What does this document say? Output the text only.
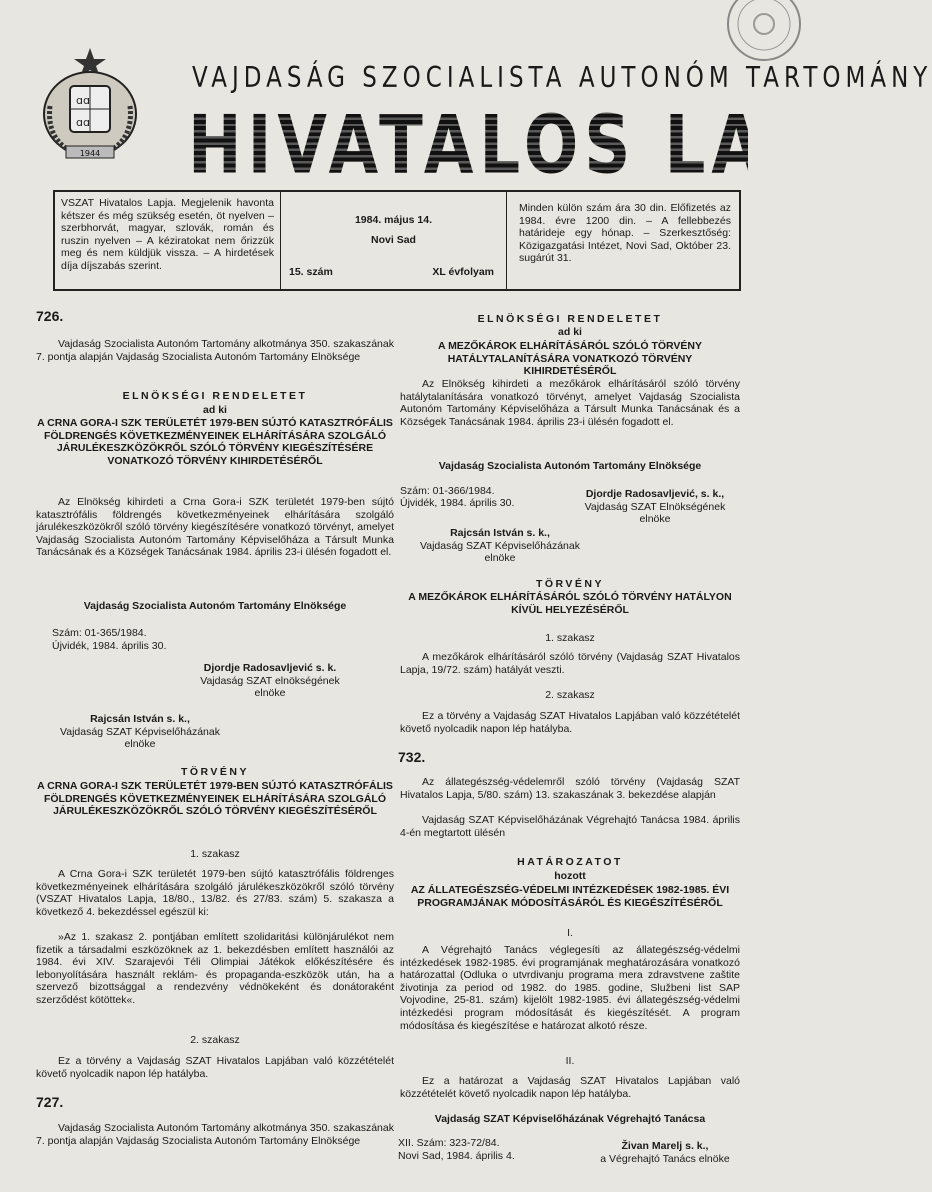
ɑɑ
ɑɑ
1944
VAJDASÁG SZOCIALISTA AUTONÓM TARTOMÁNY
HIVATALOS LAPJA
VSZAT Hivatalos Lapja. Megjelenik havonta kétszer és még szükség esetén, öt nyelven – szerbhorvát, magyar, szlovák, román és ruszin nyelven – A kéziratokat nem őrizzük meg és nem küldjük vissza. – A hirdetések díja díjszabás szerint.
1984. május 14.
Novi Sad
15. szám	XL évfolyam
Minden külön szám ára 30 din. Előfizetés az 1984. évre 1200 din. – A fellebbezés határideje egy hónap. – Szerkesztőség: Közigazgatási Intézet, Novi Sad, Október 23. sugárút 31.
726.
Vajdaság Szocialista Autonóm Tartomány alkotmánya 350. szakaszának 7. pontja alapján Vajdaság Szocialista Autonóm Tartomány Elnöksége
ELNÖKSÉGI RENDELETET
ad ki
A CRNA GORA-I SZK TERÜLETÉT 1979-BEN SÚJTÓ KATASZTRÓFÁLIS FÖLDRENGÉS KÖVETKEZMÉNYEINEK ELHÁRÍTÁSÁRA SZOLGÁLÓ JÁRULÉKESZKÖZÖKRŐL SZÓLÓ TÖRVÉNY KIEGÉSZÍTÉSÉRE VONATKOZÓ TÖRVÉNY KIHIRDETÉSÉRŐL
Az Elnökség kihirdeti a Crna Gora-i SZK területét 1979-ben sújtó katasztrófális földrengés következményeinek elhárítására szolgáló járulékeszközökről szóló törvény kiegészítésére vonatkozó törvényt, amelyet Vajdaság Szocialista Autonóm Tartomány Képviselőháza a Társult Munka Tanácsának és a Községek Tanácsának 1984. április 23-i ülésén fogadott el.
Vajdaság Szocialista Autonóm Tartomány Elnöksége
Szám: 01-365/1984.
Újvidék, 1984. április 30.

Djordje Radosavljević s. k.

Vajdaság SZAT elnökségének

elnöke

Rajcsán István s. k.,

Vajdaság SZAT Képviselőházának

elnöke

TÖRVÉNY
A CRNA GORA-I SZK TERÜLETÉT 1979-BEN SÚJTÓ KATASZTRÓFÁLIS FÖLDRENGÉS KÖVETKEZMÉNYEINEK ELHÁRÍTÁSÁRA SZOLGÁLÓ JÁRULÉKESZKÖZÖKRŐL SZÓLÓ TÖRVÉNY KIEGÉSZÍTÉSÉRŐL
1. szakasz
A Crna Gora-i SZK területét 1979-ben sújtó katasztrófális földrenges következményeinek elhárítására szolgáló járulékeszközökről szóló törvény (VSZAT Hivatalos Lapja, 18/80., 13/82. és 27/83. szám) 5. szakasza a következő 4. bekezdéssel egészül ki:
»Az 1. szakasz 2. pontjában említett szolidaritási különjárulékot nem fizetik a társadalmi eszközöknek az 1. bekezdésben említett használói az 1984. évi XIV. Szarajevói Téli Olimpiai Játékok előkészítésére és lebonyolítására használt reklám- és propaganda-eszközök után, ha a szervező bizottsággal a rendezvény védnökeként és donátoraként szerződést kötöttek«.
2. szakasz
Ez a törvény a Vajdaság SZAT Hivatalos Lapjában való közzétételét követő nyolcadik napon lép hatályba.
727.
Vajdaság Szocialista Autonóm Tartomány alkotmánya 350. szakaszának 7. pontja alapján Vajdaság Szocialista Autonóm Tartomány Elnöksége
ELNÖKSÉGI RENDELETET
ad ki
A MEZŐKÁROK ELHÁRÍTÁSÁRÓL SZÓLÓ TÖRVÉNY HATÁLYTALANÍTÁSÁRA VONATKOZÓ TÖRVÉNY KIHIRDETÉSÉRŐL
Az Elnökség kihirdeti a mezőkárok elhárításáról szóló törvény hatálytalanítására vonatkozó törvényt, amelyet Vajdaság Szocialista Autonóm Tartomány Képviselőháza a Társult Munka Tanácsának és a Községek Tanácsának 1984. április 23-i ülésén fogadott el.
Vajdaság Szocialista Autonóm Tartomány Elnöksége
Szám: 01-366/1984.
Újvidék, 1984. április 30.

Djordje Radosavljević, s. k.,

Vajdaság SZAT Elnökségének

elnöke

Rajcsán István s. k.,

Vajdaság SZAT Képviselőházának

elnöke

TÖRVÉNY
A MEZŐKÁROK ELHÁRÍTÁSÁRÓL SZÓLÓ TÖRVÉNY HATÁLYON KÍVÜL HELYEZÉSÉRŐL
1. szakasz
A mezőkárok elhárításáról szóló törvény (Vajdaság SZAT Hivatalos Lapja, 19/72. szám) hatályát veszti.
2. szakasz
Ez a törvény a Vajdaság SZAT Hivatalos Lapjában való közzétételét követő nyolcadik napon lép hatályba.
732.
Az állategészség-védelemről szóló törvény (Vajdaság SZAT Hivatalos Lapja, 5/80. szám) 13. szakaszának 3. bekezdése alapján
Vajdaság SZAT Képviselőházának Végrehajtó Tanácsa 1984. április 4-én megtartott ülésén
HATÁROZATOT
hozott
AZ ÁLLATEGÉSZSÉG-VÉDELMI INTÉZKEDÉSEK 1982-1985. ÉVI PROGRAMJÁNAK MÓDOSÍTÁSÁRÓL ÉS KIEGÉSZÍTÉSÉRŐL
I.
A Végrehajtó Tanács véglegesíti az állategészség-védelmi intézkedések 1982-1985. évi programjának meghatározására vonatkozó határozattal (Odluka o utvrdivanju programa mera zdravstvene zaštite životinja za period od 1982. do 1985. godine, Službeni list SAP Vojvodine, 25-81. szám) kijelölt 1982-1985. évi állategészség-védelmi intézkedési program módosítását és kiegészítését. A program módosítása és kiegészítése e határozat alkotó része.
II.
Ez a határozat a Vajdaság SZAT Hivatalos Lapjában való közzétételét követő nyolcadik napon lép hatályba.
Vajdaság SZAT Képviselőházának Végrehajtó Tanácsa
XII. Szám: 323-72/84.
Novi Sad, 1984. április 4.

Živan Marelj s. k.,

a Végrehajtó Tanács elnöke
